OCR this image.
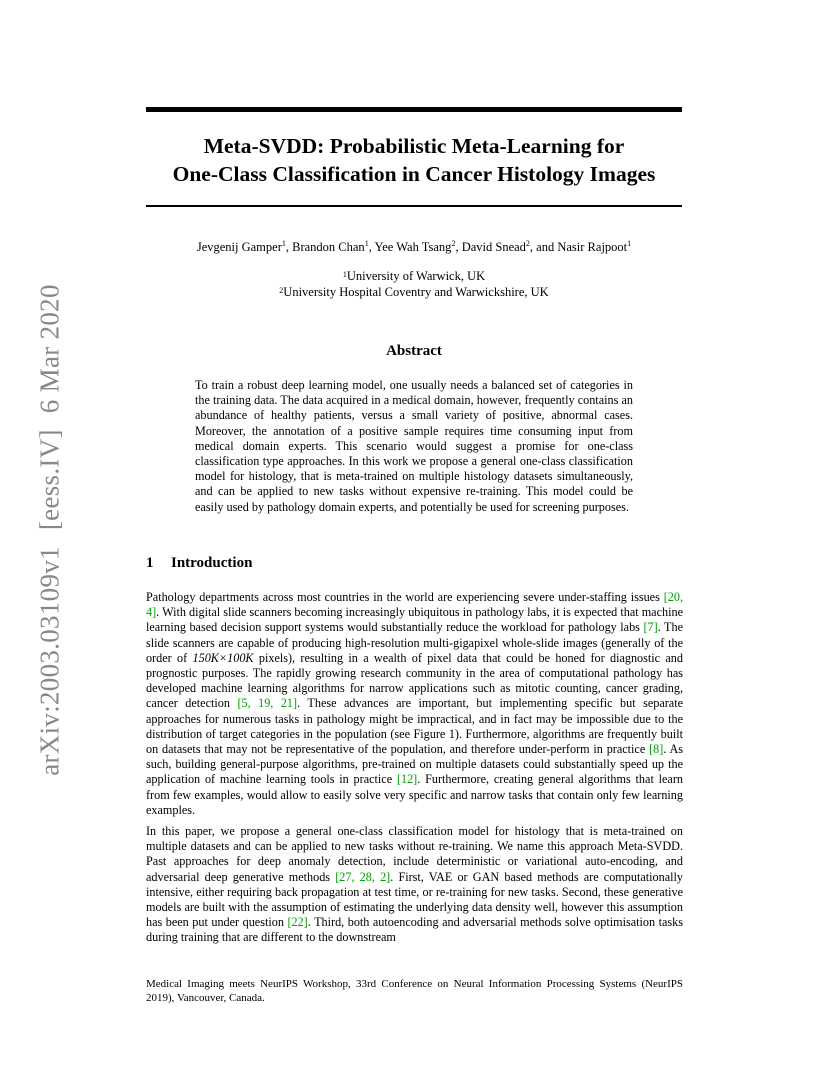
arXiv:2003.03109v1[eess.IV]6 Mar 2020
Meta-SVDD: Probabilistic Meta-Learning for
One-Class Classification in Cancer Histology Images
Jevgenij Gamper$^1$, Brandon Chan$^1$, Yee Wah Tsang$^2$, David Snead$^2$, and Nasir Rajpoot$^1$
$^1$University of Warwick, UK
$^2$University Hospital Coventry and Warwickshire, UK
Abstract
To train a robust deep learning model, one usually needs a balanced set of categories in the training data. The data acquired in a medical domain, however, frequently contains an abundance of healthy patients, versus a small variety of positive, abnormal cases. Moreover, the annotation of a positive sample requires time consuming input from medical domain experts. This scenario would suggest a promise for one-class classification type approaches. In this work we propose a general one-class classification model for histology, that is meta-trained on multiple histology datasets simultaneously, and can be applied to new tasks without expensive re-training. This model could be easily used by pathology domain experts, and potentially be used for screening purposes.
1 Introduction

Pathology departments across most countries in the world are experiencing severe under-staffing issues [20, 4]. With digital slide scanners becoming increasingly ubiquitous in pathology labs, it is expected that machine learning based decision support systems would substantially reduce the workload for pathology labs [7]. The slide scanners are capable of producing high-resolution multi-gigapixel whole-slide images (generally of the order of 150K×100K pixels), resulting in a wealth of pixel data that could be honed for diagnostic and prognostic purposes. The rapidly growing research community in the area of computational pathology has developed machine learning algorithms for narrow applications such as mitotic counting, cancer grading, cancer detection [5, 19, 21]. These advances are important, but implementing specific but separate approaches for numerous tasks in pathology might be impractical, and in fact may be impossible due to the distribution of target categories in the population (see Figure 1). Furthermore, algorithms are frequently built on datasets that may not be representative of the population, and therefore under-perform in practice [8]. As such, building general-purpose algorithms, pre-trained on multiple datasets could substantially speed up the application of machine learning tools in practice [12]. Furthermore, creating general algorithms that learn from few examples, would allow to easily solve very specific and narrow tasks that contain only few learning examples.

In this paper, we propose a general one-class classification model for histology that is meta-trained on multiple datasets and can be applied to new tasks without re-training. We name this approach Meta-SVDD. Past approaches for deep anomaly detection, include deterministic or variational auto-encoding, and adversarial deep generative methods [27, 28, 2]. First, VAE or GAN based methods are computationally intensive, either requiring back propagation at test time, or re-training for new tasks. Second, these generative models are built with the assumption of estimating the underlying data density well, however this assumption has been put under question [22]. Third, both autoencoding and adversarial methods solve optimisation tasks during training that are different to the downstream

Medical Imaging meets NeurIPS Workshop, 33rd Conference on Neural Information Processing Systems (NeurIPS 2019), Vancouver, Canada.
